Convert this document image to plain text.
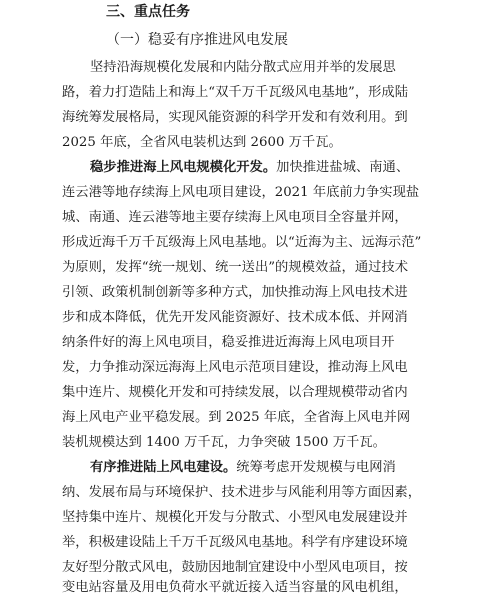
三、重点任务
（一）稳妥有序推进风电发展
坚持沿海规模化发展和内陆分散式应用并举的发展思
路，着力打造陆上和海上“双千万千瓦级风电基地”，形成陆
海统筹发展格局，实现风能资源的科学开发和有效利用。到
2025 年底，全省风电装机达到 2600 万千瓦。
稳步推进海上风电规模化开发。加快推进盐城、南通、
连云港等地存续海上风电项目建设，2021 年底前力争实现盐
城、南通、连云港等地主要存续海上风电项目全容量并网，
形成近海千万千瓦级海上风电基地。以“近海为主、远海示范”
为原则，发挥“统一规划、统一送出”的规模效益，通过技术
引领、政策机制创新等多种方式，加快推动海上风电技术进
步和成本降低，优先开发风能资源好、技术成本低、并网消
纳条件好的海上风电项目，稳妥推进近海海上风电项目开
发，力争推动深远海海上风电示范项目建设，推动海上风电
集中连片、规模化开发和可持续发展，以合理规模带动省内
海上风电产业平稳发展。到 2025 年底，全省海上风电并网
装机规模达到 1400 万千瓦，力争突破 1500 万千瓦。
有序推进陆上风电建设。统筹考虑开发规模与电网消
纳、发展布局与环境保护、技术进步与风能利用等方面因素，
坚持集中连片、规模化开发与分散式、小型风电发展建设并
举，积极建设陆上千万千瓦级风电基地。科学有序建设环境
友好型分散式风电，鼓励因地制宜建设中小型风电项目，按
变电站容量及用电负荷水平就近接入适当容量的风电机组，
